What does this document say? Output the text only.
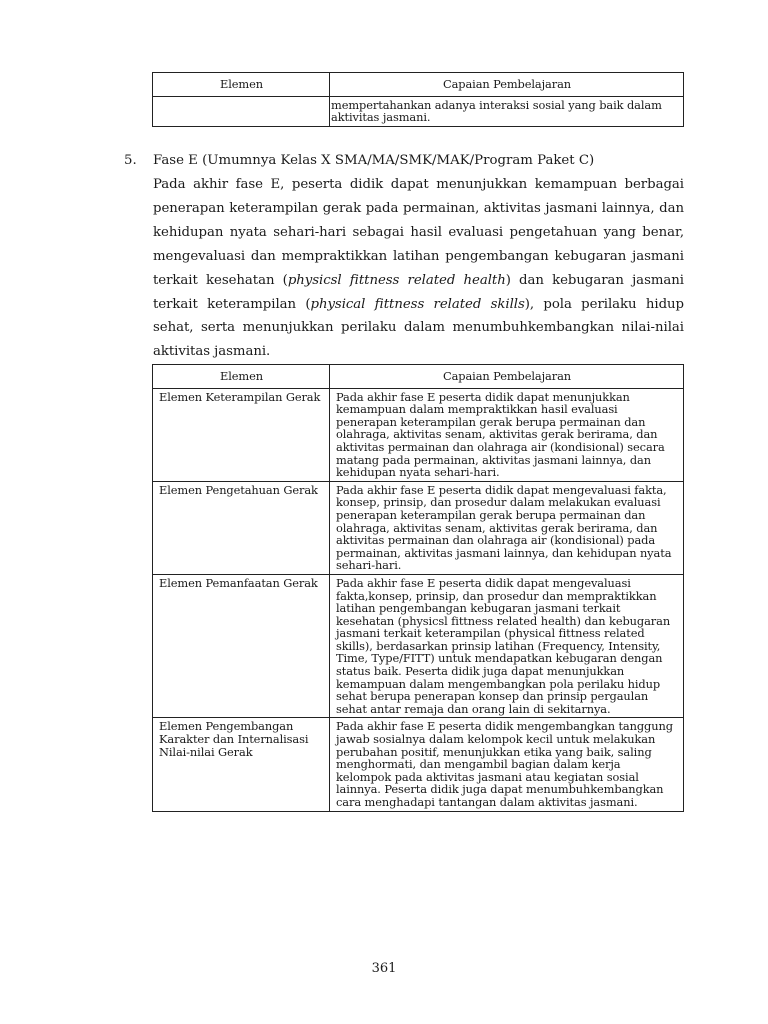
Elemen	Capaian Pembelajaran
	mempertahankan adanya interaksi sosial yang baik dalam aktivitas jasmani.
5. Fase E (Umumnya Kelas X SMA/MA/SMK/MAK/Program Paket C)
Pada akhir fase E, peserta didik dapat menunjukkan kemampuan berbagai penerapan keterampilan gerak pada permainan, aktivitas jasmani lainnya, dan kehidupan nyata sehari-hari sebagai hasil evaluasi pengetahuan yang benar, mengevaluasi dan mempraktikkan latihan pengembangan kebugaran jasmani terkait kesehatan (physicsl fittness related health) dan kebugaran jasmani terkait keterampilan (physical fittness related skills), pola perilaku hidup sehat, serta menunjukkan perilaku dalam menumbuhkembangkan nilai-nilai aktivitas jasmani.
Elemen	Capaian Pembelajaran
Elemen Keterampilan Gerak	Pada akhir fase E peserta didik dapat menunjukkan kemampuan dalam mempraktikkan hasil evaluasi penerapan keterampilan gerak berupa permainan dan olahraga, aktivitas senam, aktivitas gerak berirama, dan aktivitas permainan dan olahraga air (kondisional) secara matang pada permainan, aktivitas jasmani lainnya, dan kehidupan nyata sehari-hari.
Elemen Pengetahuan Gerak	Pada akhir fase E peserta didik dapat mengevaluasi fakta, konsep, prinsip, dan prosedur dalam melakukan evaluasi penerapan keterampilan gerak berupa permainan dan olahraga, aktivitas senam, aktivitas gerak berirama, dan aktivitas permainan dan olahraga air (kondisional) pada permainan, aktivitas jasmani lainnya, dan kehidupan nyata sehari-hari.
Elemen Pemanfaatan Gerak	Pada akhir fase E peserta didik dapat mengevaluasi fakta,konsep, prinsip, dan prosedur dan mempraktikkan latihan pengembangan kebugaran jasmani terkait kesehatan (physicsl fittness related health) dan kebugaran jasmani terkait keterampilan (physical fittness related skills), berdasarkan prinsip latihan (Frequency, Intensity, Time, Type/FITT) untuk mendapatkan kebugaran dengan status baik. Peserta didik juga dapat menunjukkan kemampuan dalam mengembangkan pola perilaku hidup sehat berupa penerapan konsep dan prinsip pergaulan sehat antar remaja dan orang lain di sekitarnya.
Elemen Pengembangan Karakter dan Internalisasi Nilai-nilai Gerak	Pada akhir fase E peserta didik mengembangkan tanggung jawab sosialnya dalam kelompok kecil untuk melakukan perubahan positif, menunjukkan etika yang baik, saling menghormati, dan mengambil bagian dalam kerja kelompok pada aktivitas jasmani atau kegiatan sosial lainnya. Peserta didik juga dapat menumbuhkembangkan cara menghadapi tantangan dalam aktivitas jasmani.
361
